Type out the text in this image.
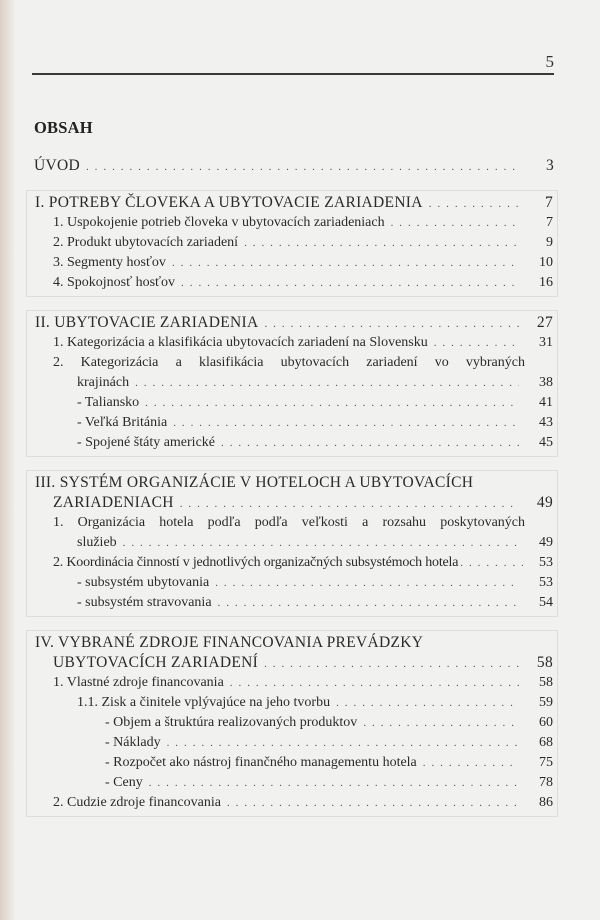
5
OBSAH
ÚVOD . . .	3
I. POTREBY ČLOVEKA A UBYTOVACIE ZARIADENIA . . .	7
1. Uspokojenie potrieb človeka v ubytovacích zariadeniach . . .	7
2. Produkt ubytovacích zariadení . . .	9
3. Segmenty hosťov . . .	10
4. Spokojnosť hosťov . . .	16
II. UBYTOVACIE ZARIADENIA . . .	27
1. Kategorizácia a klasifikácia ubytovacích zariadení na Slovensku . . .	31
2. Kategorizácia a klasifikácia ubytovacích zariadení vo vybraných
krajinách . . .	38
- Taliansko . . .	41
- Veľká Británia . . .	43
- Spojené štáty americké . . .	45
III. SYSTÉM ORGANIZÁCIE V HOTELOCH A UBYTOVACÍCH
ZARIADENIACH . . .	49
1. Organizácia hotela podľa podľa veľkosti a rozsahu poskytovaných
služieb . . .	49
2. Koordinácia činností v jednotlivých organizačných subsystémoch hotela . . .	53
- subsystém ubytovania . . .	53
- subsystém stravovania . . .	54
IV. VYBRANÉ ZDROJE FINANCOVANIA PREVÁDZKY
UBYTOVACÍCH ZARIADENÍ . . .	58
1. Vlastné zdroje financovania . . .	58
1.1. Zisk a činitele vplývajúce na jeho tvorbu . . .	59
- Objem a štruktúra realizovaných produktov . . .	60
- Náklady . . .	68
- Rozpočet ako nástroj finančného managementu hotela . . .	75
- Ceny . . .	78
2. Cudzie zdroje financovania . . .	86
